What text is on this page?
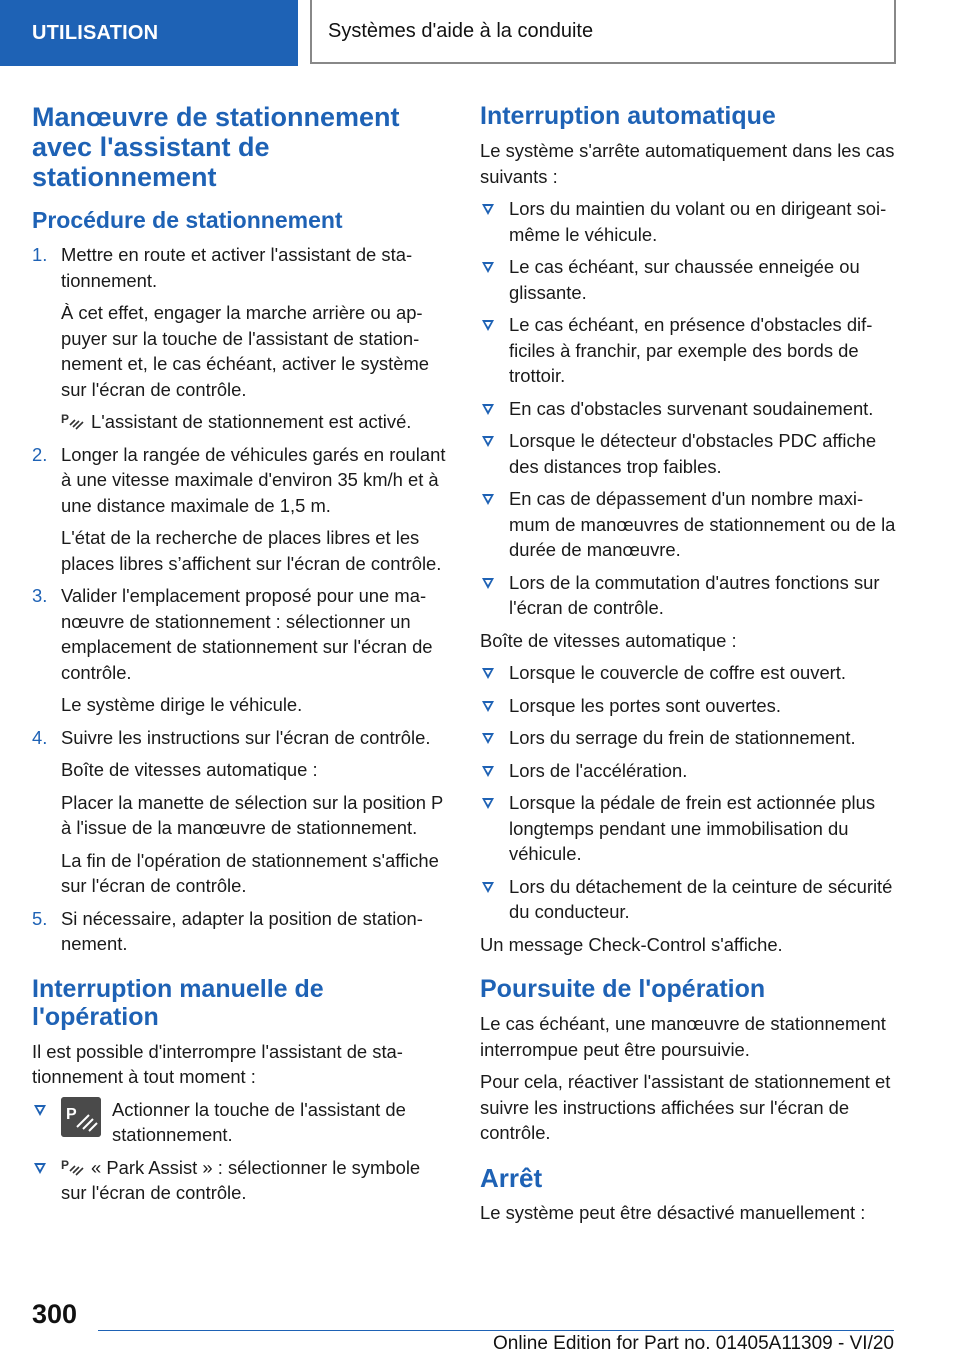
UTILISATION	Systèmes d'aide à la conduite
Manœuvre de stationnement avec l'assistant de stationnement
Procédure de stationnement
1. Mettre en route et activer l'assistant de stationnement.

À cet effet, engager la marche arrière ou appuyer sur la touche de l'assistant de stationnement et, le cas échéant, activer le système sur l'écran de contrôle.

P L'assistant de stationnement est activé.

2. Longer la rangée de véhicules garés en roulant à une vitesse maximale d'environ 35 km/h et à une distance maximale de 1,5 m.

L'état de la recherche de places libres et les places libres s’affichent sur l'écran de contrôle.

3. Valider l'emplacement proposé pour une manœuvre de stationnement : sélectionner un emplacement de stationnement sur l'écran de contrôle.

Le système dirige le véhicule.

4. Suivre les instructions sur l'écran de contrôle.

Boîte de vitesses automatique :

Placer la manette de sélection sur la position P à l'issue de la manœuvre de stationnement.

La fin de l'opération de stationnement s'affiche sur l'écran de contrôle.

5. Si nécessaire, adapter la position de stationnement.

Interruption manuelle de l'opération

Il est possible d'interrompre l'assistant de stationnement à tout moment :

P Actionner la touche de l'assistant de stationnement.

P « Park Assist » : sélectionner le symbole sur l'écran de contrôle.

Interruption automatique

Le système s'arrête automatiquement dans les cas suivants :

Lors du maintien du volant ou en dirigeant soi-même le véhicule.

Le cas échéant, sur chaussée enneigée ou glissante.

Le cas échéant, en présence d'obstacles difficiles à franchir, par exemple des bords de trottoir.

En cas d'obstacles survenant soudainement.

Lorsque le détecteur d'obstacles PDC affiche des distances trop faibles.

En cas de dépassement d'un nombre maximum de manœuvres de stationnement ou de la durée de manœuvre.

Lors de la commutation d'autres fonctions sur l'écran de contrôle.

Boîte de vitesses automatique :

Lorsque le couvercle de coffre est ouvert.

Lorsque les portes sont ouvertes.

Lors du serrage du frein de stationnement.

Lors de l'accélération.

Lorsque la pédale de frein est actionnée plus longtemps pendant une immobilisation du véhicule.

Lors du détachement de la ceinture de sécurité du conducteur.

Un message Check-Control s'affiche.

Poursuite de l'opération

Le cas échéant, une manœuvre de stationnement interrompue peut être poursuivie.

Pour cela, réactiver l'assistant de stationnement et suivre les instructions affichées sur l'écran de contrôle.

Arrêt

Le système peut être désactivé manuellement :

300
Online Edition for Part no. 01405A11309 - VI/20
